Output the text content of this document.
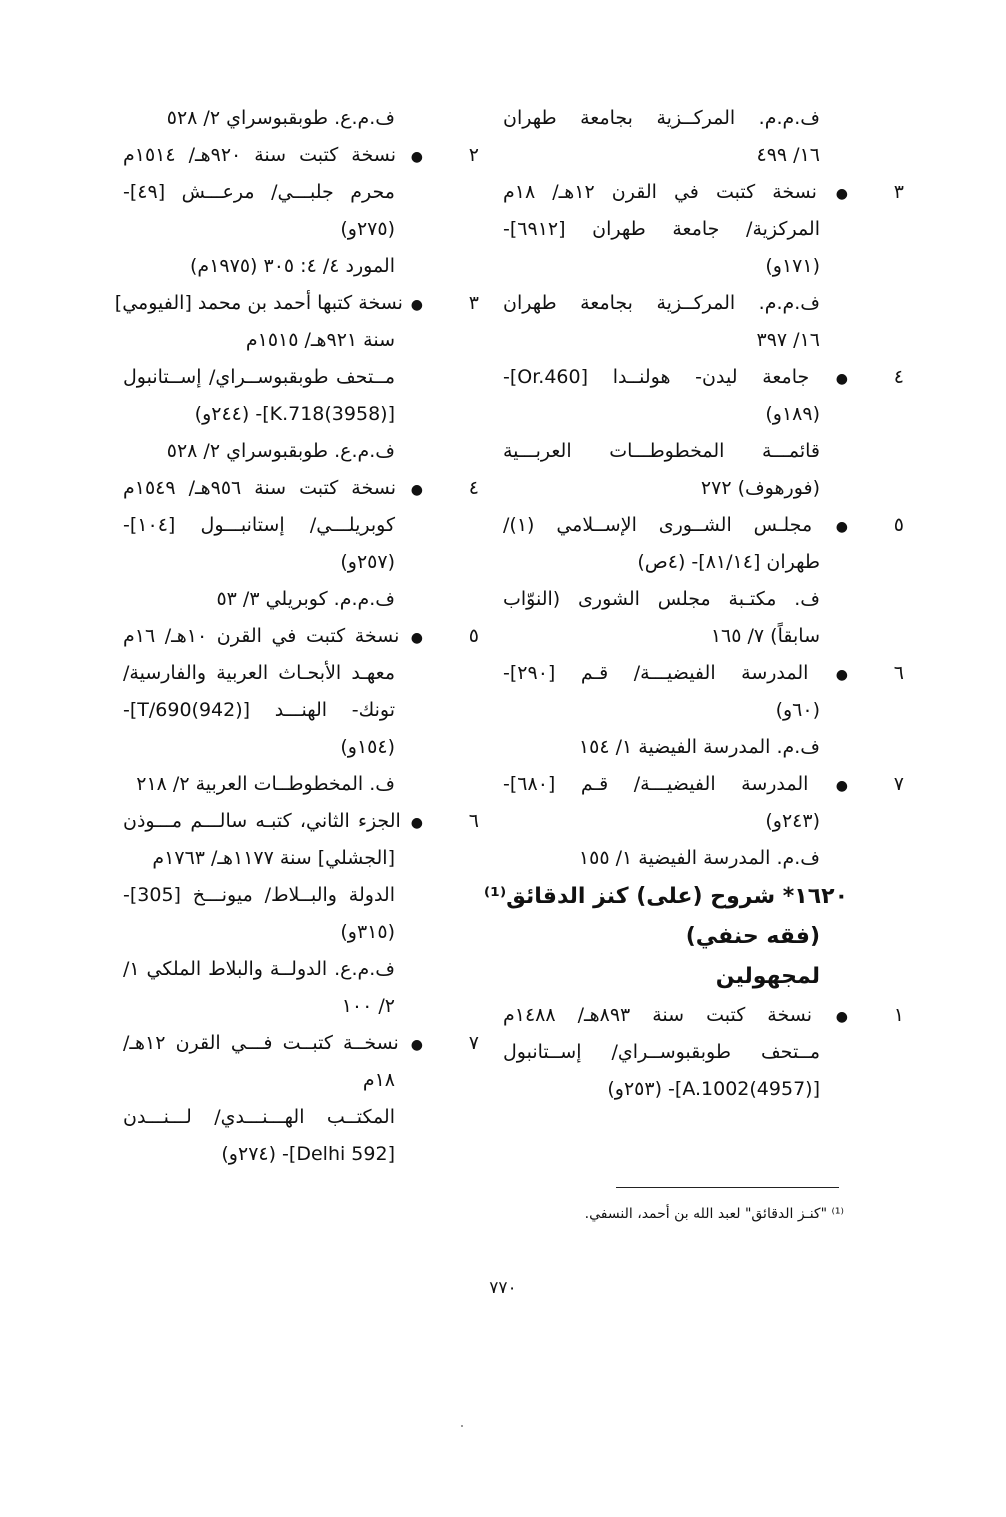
ف.م.م. المركــزية بجامعة طهران
١٦/ ٤٩٩
٣● نسخة كتبت في القرن ١٢هـ/ ١٨م
المركزية/ جامعة طهران [٦٩١٢]-
(١٧١و)
ف.م.م. المركــزية بجامعة طهران
١٦/ ٣٩٧
٤● جامعة ليدن- هولنــدا [Or.460]-
(١٨٩و)
قائمـــة المخطوطـــات العربـــية
(فورهوف) ٢٧٢
٥● مجلـس الشــورى الإســلامي (١)/
طهران [٨١/١٤]- (٤ص)
ف. مكتـبة مجلس الشورى (النوّاب
سابقاً) ٧/ ١٦٥
٦● المدرسة الفيضيـــة/ قـم [٢٩٠]-
(٦٠و)
ف.م. المدرسة الفيضية ١/ ١٥٤
٧● المدرسة الفيضيـــة/ قـم [٦٨٠]-
(٢٤٣و)
ف.م. المدرسة الفيضية ١/ ١٥٥
١٦٢٠* شروح (على) كنز الدقائق⁽¹⁾
(فقه حنفي)
لمجهولين
١● نسخة كتبت سنة ٨٩٣هـ/ ١٤٨٨م
مــتحف طوبقبوســراي/ إســتانبول
[A.1002(4957)]- (٢٥٣و)
ف.م.ع. طوبقبوسراي ٢/ ٥٢٨
٢● نسخة كتبت سنة ٩٢٠هـ/ ١٥١٤م
محرم جلبـــي/ مرعـــش [٤٩]-
(٢٧٥و)
المورد ٤/ ٤: ٣٠٥ (١٩٧٥م)
٣● نسخة كتبها أحمد بن محمد [الفيومي]
سنة ٩٢١هـ/ ١٥١٥م
مــتحف طوبقبوســراي/ إســتانبول
[K.718(3958)]- (٢٤٤و)
ف.م.ع. طوبقبوسراي ٢/ ٥٢٨
٤● نسخة كتبت سنة ٩٥٦هـ/ ١٥٤٩م
كوبريلـــي/ إستانبـــول [١٠٤]-
(٢٥٧و)
ف.م.م. كوبريلي ٣/ ٥٣
٥● نسخة كتبت في القرن ١٠هـ/ ١٦م
معهـد الأبحـاث العربية والفارسية/
تونك- الهنـــد [T/690(942)]-
(١٥٤و)
ف. المخطوطــات العربية ٢/ ٢١٨
٦● الجزء الثاني، كتبـه سالـــم مـــوذن
[الجشلي] سنة ١١٧٧هـ/ ١٧٦٣م
الدولة والبــلاط/ ميونـــخ [305]-
(٣١٥و)
ف.م.ع. الدولــة والبلاط الملكي ١/
٢/ ١٠٠
٧● نسخــة كتبــت فـــي القرن ١٢هـ/
١٨م
المكتــب الهـــنـــدي/ لـــنـــدن
[Delhi 592]- (٢٧٤و)
⁽¹⁾ "كنـز الدقائق" لعبد الله بن أحمد، النسفي.
٧٧٠
